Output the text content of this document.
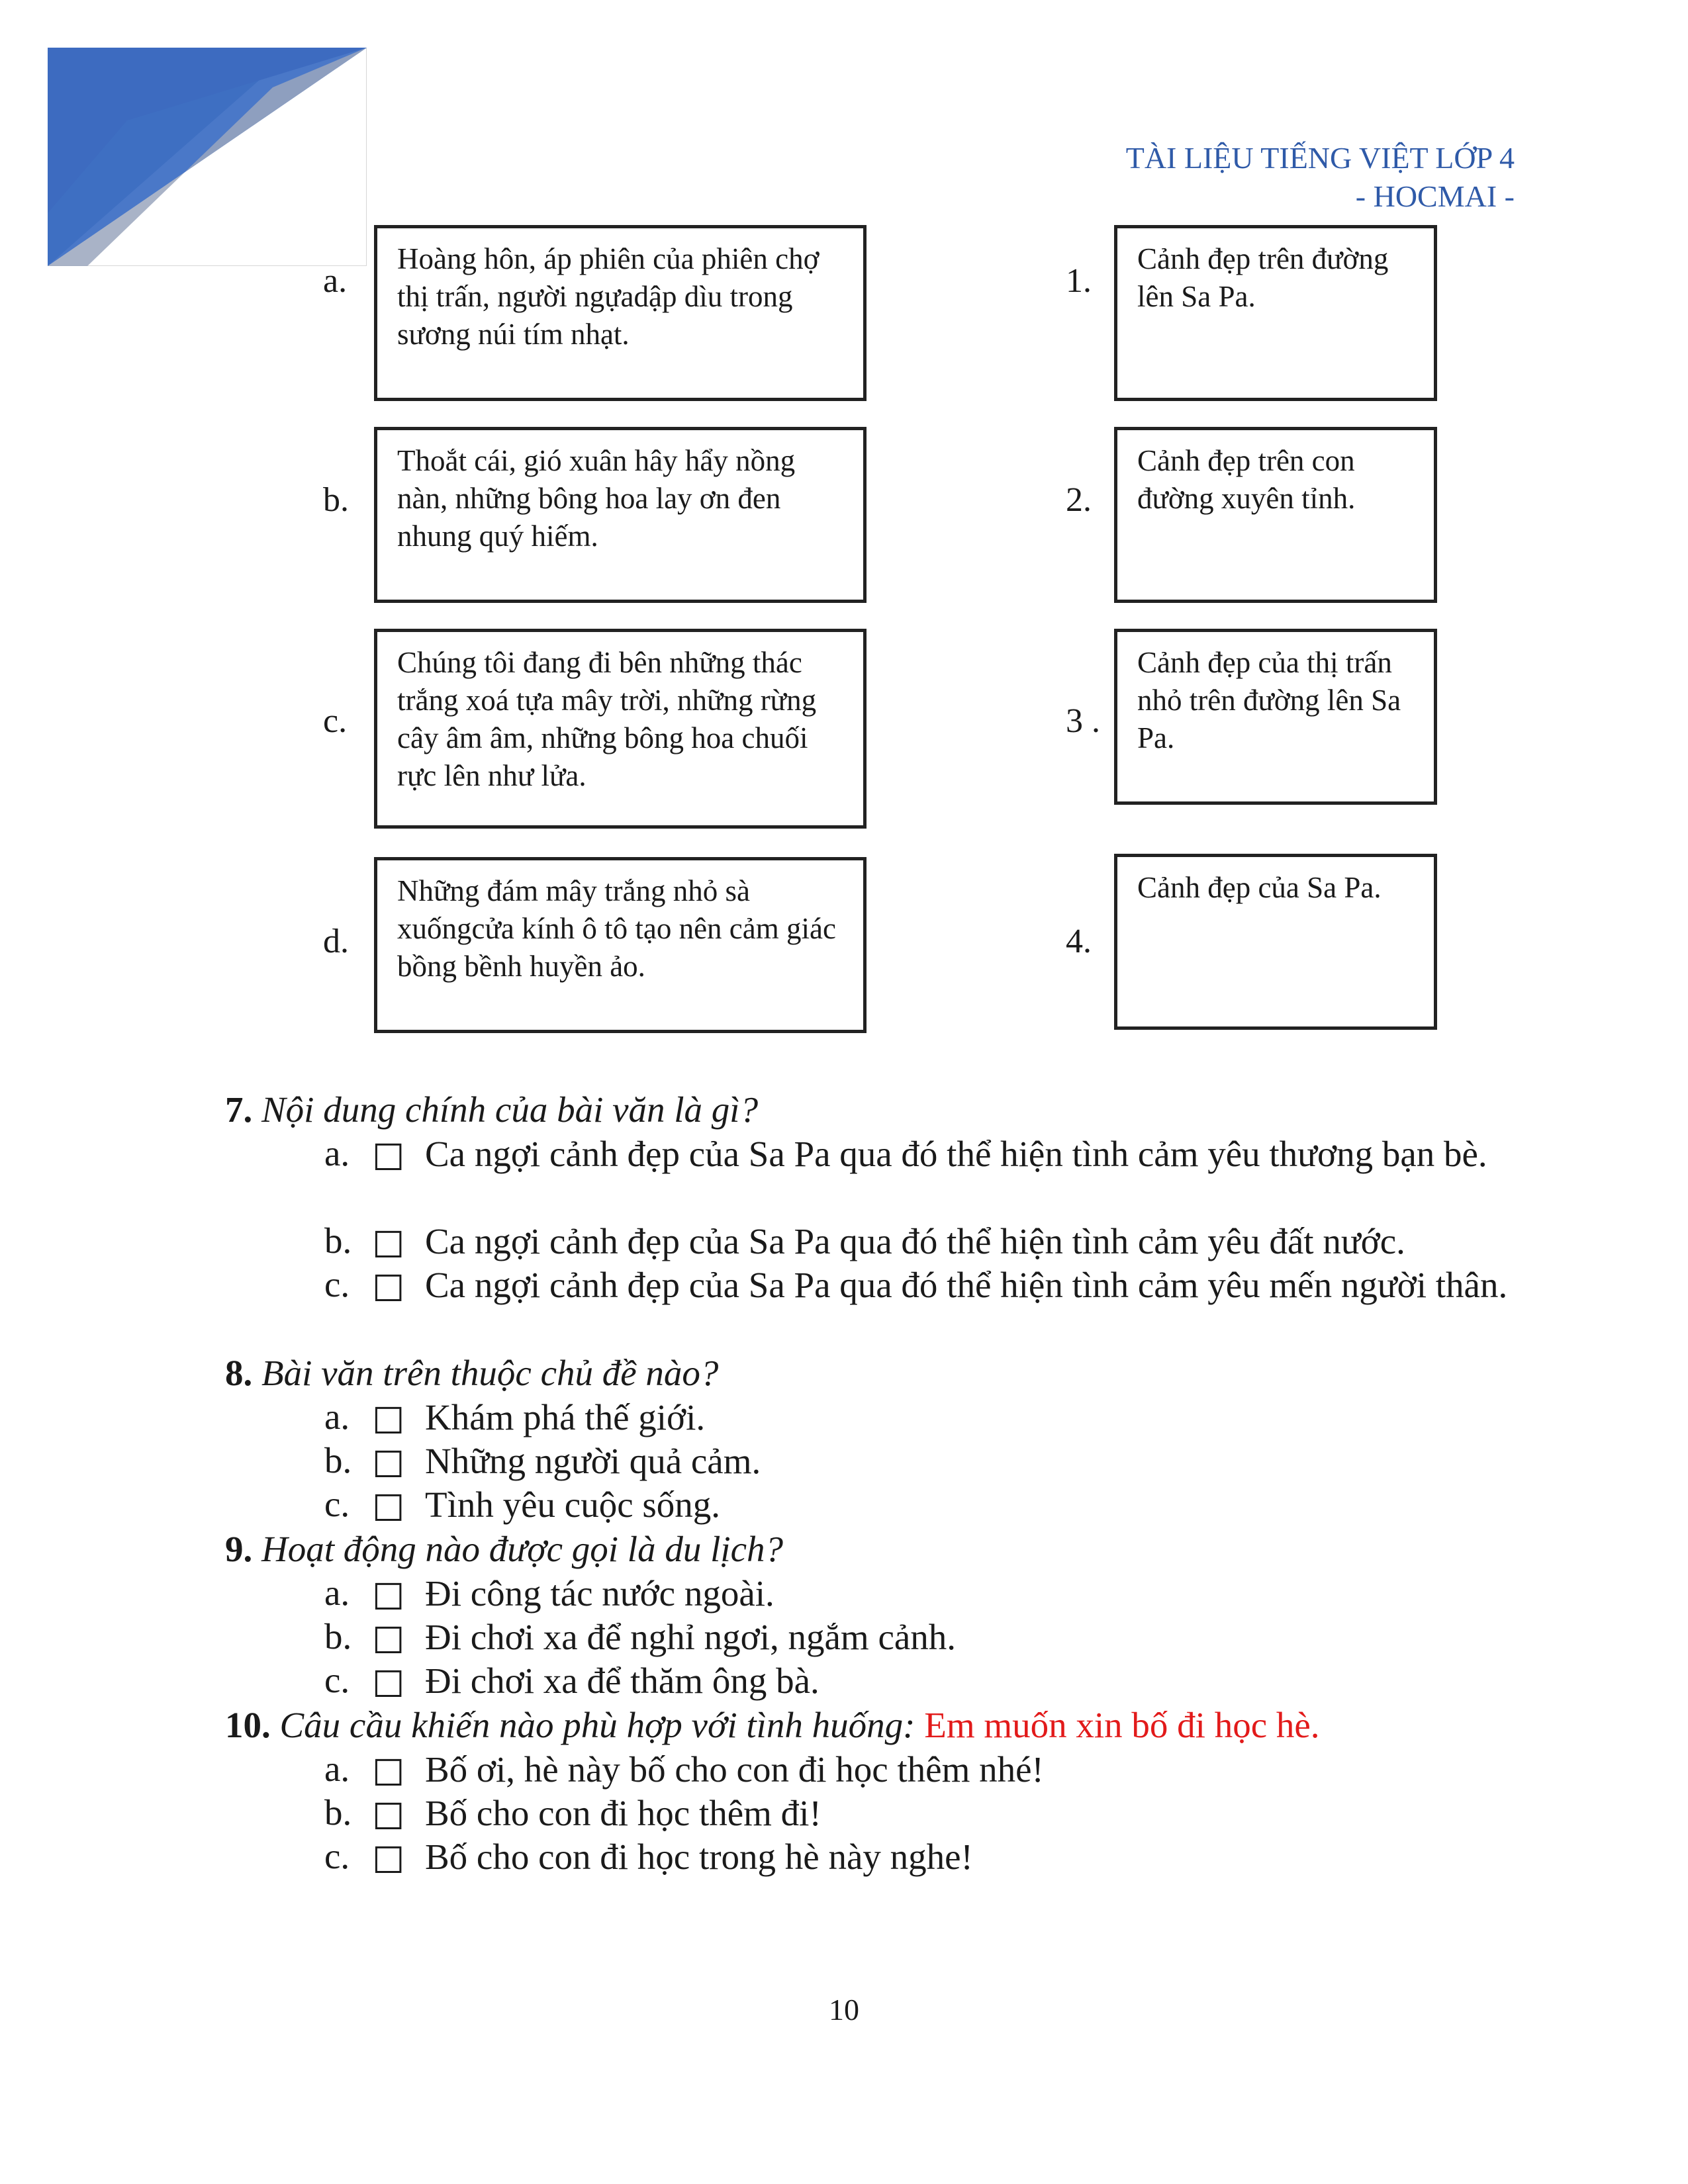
TÀI LIỆU TIẾNG VIỆT LỚP 4
- HOCMAI -
a.
Hoàng hôn, áp phiên của phiên chợ thị trấn, người ngựadập dìu trong sương núi tím nhạt.
b.
Thoắt cái, gió xuân hây hẩy nồng nàn, những bông hoa lay ơn đen nhung quý hiếm.
c.
Chúng tôi đang đi bên những thác trắng xoá tựa mây trời, những rừng cây âm âm, những bông hoa chuối rực lên như lửa.
d.
Những đám mây trắng nhỏ sà xuốngcửa kính ô tô tạo nên cảm giác bồng bềnh huyền ảo.
1.
Cảnh đẹp trên đường lên Sa Pa.
2.
Cảnh đẹp trên con đường xuyên tỉnh.
3 .
Cảnh đẹp của thị trấn nhỏ trên đường lên Sa Pa.
4.
Cảnh đẹp của Sa Pa.
7. Nội dung chính của bài văn là gì?
a. ☐ Ca ngợi cảnh đẹp của Sa Pa qua đó thể hiện tình cảm yêu thương bạn bè.
b. ☐ Ca ngợi cảnh đẹp của Sa Pa qua đó thể hiện tình cảm yêu đất nước.
c. ☐ Ca ngợi cảnh đẹp của Sa Pa qua đó thể hiện tình cảm yêu mến người thân.
8. Bài văn trên thuộc chủ đề nào?
a. ☐ Khám phá thế giới.
b. ☐ Những người quả cảm.
c. ☐ Tình yêu cuộc sống.
9. Hoạt động nào được gọi là du lịch?
a. ☐ Đi công tác nước ngoài.
b. ☐ Đi chơi xa để nghỉ ngơi, ngắm cảnh.
c. ☐ Đi chơi xa để thăm ông bà.
10. Câu cầu khiến nào phù hợp với tình huống: Em muốn xin bố đi học hè.
a. ☐ Bố ơi, hè này bố cho con đi học thêm nhé!
b. ☐ Bố cho con đi học thêm đi!
c. ☐ Bố cho con đi học trong hè này nghe!
10
